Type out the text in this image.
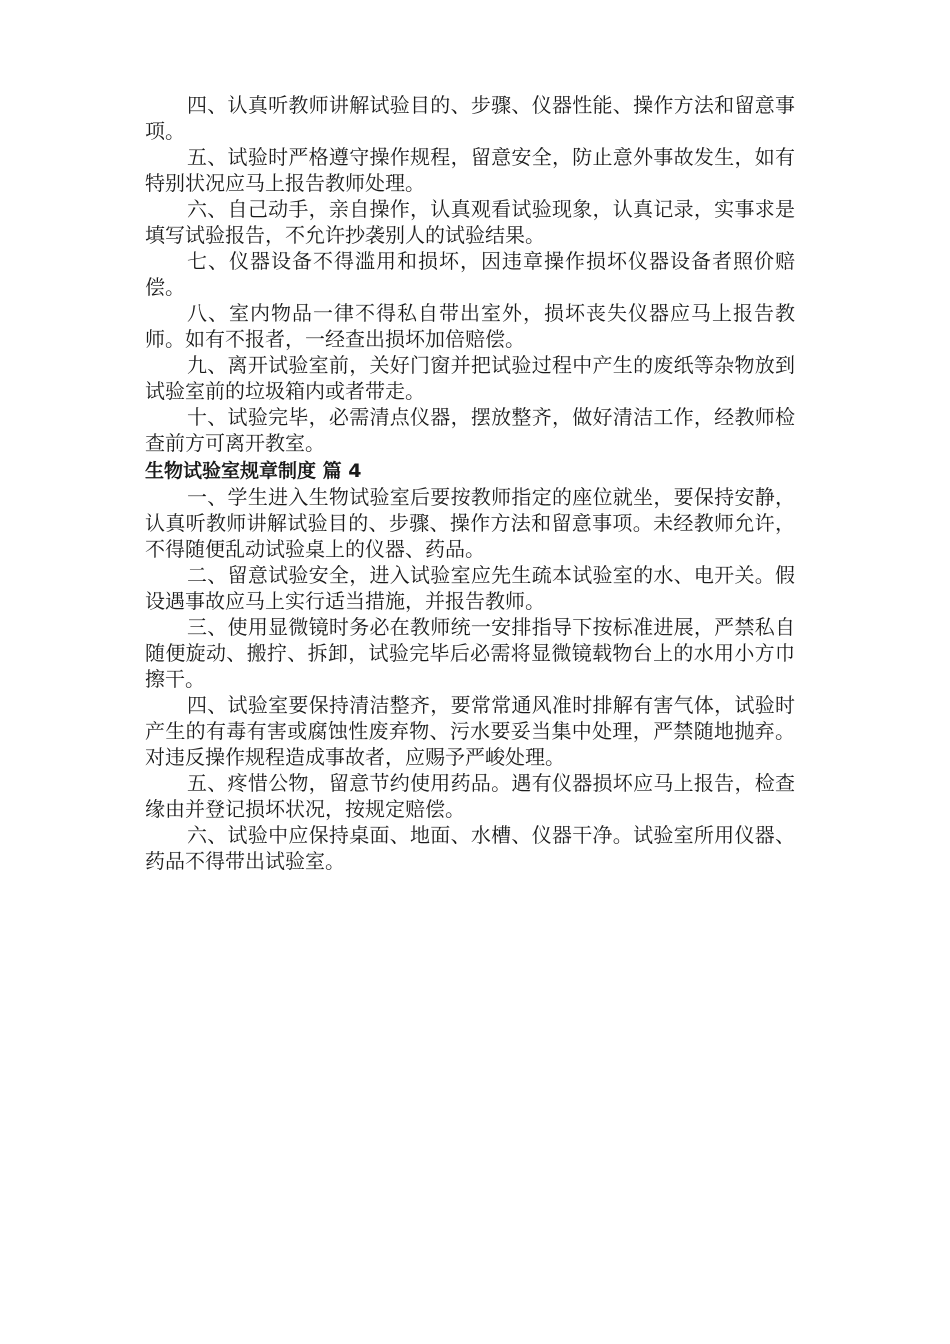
四、认真听教师讲解试验目的、步骤、仪器性能、操作方法和留意事项。

五、试验时严格遵守操作规程，留意安全，防止意外事故发生，如有特别状况应马上报告教师处理。

六、自己动手，亲自操作，认真观看试验现象，认真记录，实事求是填写试验报告，不允许抄袭别人的试验结果。

七、仪器设备不得滥用和损坏，因违章操作损坏仪器设备者照价赔偿。

八、室内物品一律不得私自带出室外，损坏丧失仪器应马上报告教师。如有不报者，一经查出损坏加倍赔偿。

九、离开试验室前，关好门窗并把试验过程中产生的废纸等杂物放到试验室前的垃圾箱内或者带走。

十、试验完毕，必需清点仪器，摆放整齐，做好清洁工作，经教师检查前方可离开教室。

生物试验室规章制度 篇 4

一、学生进入生物试验室后要按教师指定的座位就坐，要保持安静，认真听教师讲解试验目的、步骤、操作方法和留意事项。未经教师允许，不得随便乱动试验桌上的仪器、药品。

二、留意试验安全，进入试验室应先生疏本试验室的水、电开关。假设遇事故应马上实行适当措施，并报告教师。

三、使用显微镜时务必在教师统一安排指导下按标准进展，严禁私自随便旋动、搬拧、拆卸，试验完毕后必需将显微镜载物台上的水用小方巾擦干。

四、试验室要保持清洁整齐，要常常通风准时排解有害气体，试验时产生的有毒有害或腐蚀性废弃物、污水要妥当集中处理，严禁随地抛弃。对违反操作规程造成事故者，应赐予严峻处理。

五、疼惜公物，留意节约使用药品。遇有仪器损坏应马上报告，检查缘由并登记损坏状况，按规定赔偿。

六、试验中应保持桌面、地面、水槽、仪器干净。试验室所用仪器、药品不得带出试验室。
